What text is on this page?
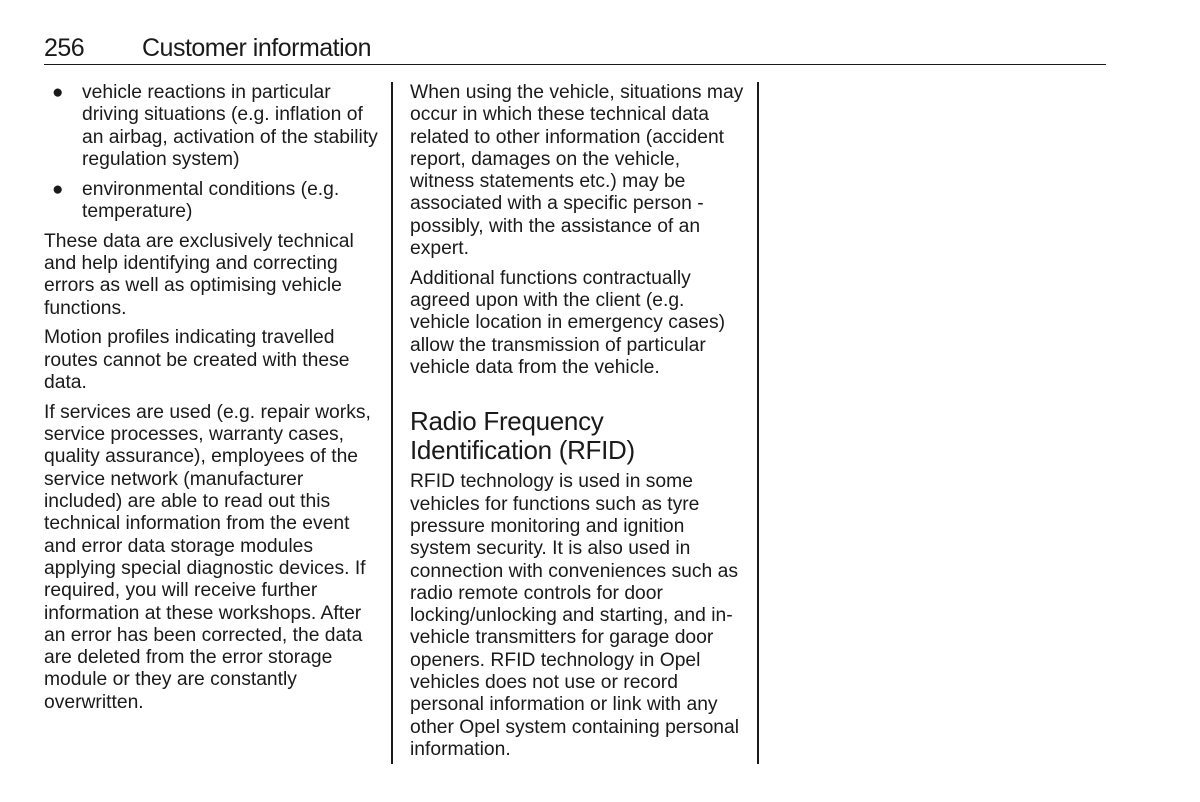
256 Customer information
● vehicle reactions in particular driving situations (e.g. inflation of an airbag, activation of the stability regulation system)
● environmental conditions (e.g. temperature)

These data are exclusively technical and help identifying and correcting errors as well as optimising vehicle functions.

Motion profiles indicating travelled routes cannot be created with these data.

If services are used (e.g. repair works, service processes, warranty cases, quality assurance), employees of the service network (manufacturer included) are able to read out this technical information from the event and error data storage modules applying special diagnostic devices. If required, you will receive further information at these workshops. After an error has been corrected, the data are deleted from the error storage module or they are constantly overwritten.

When using the vehicle, situations may occur in which these technical data related to other information (accident report, damages on the vehicle, witness statements etc.) may be associated with a specific person - possibly, with the assistance of an expert.

Additional functions contractually agreed upon with the client (e.g. vehicle location in emergency cases) allow the transmission of particular vehicle data from the vehicle.

Radio Frequency Identification (RFID)

RFID technology is used in some vehicles for functions such as tyre pressure monitoring and ignition system security. It is also used in connection with conveniences such as radio remote controls for door locking/unlocking and starting, and in-vehicle transmitters for garage door openers. RFID technology in Opel vehicles does not use or record personal information or link with any other Opel system containing personal information.
